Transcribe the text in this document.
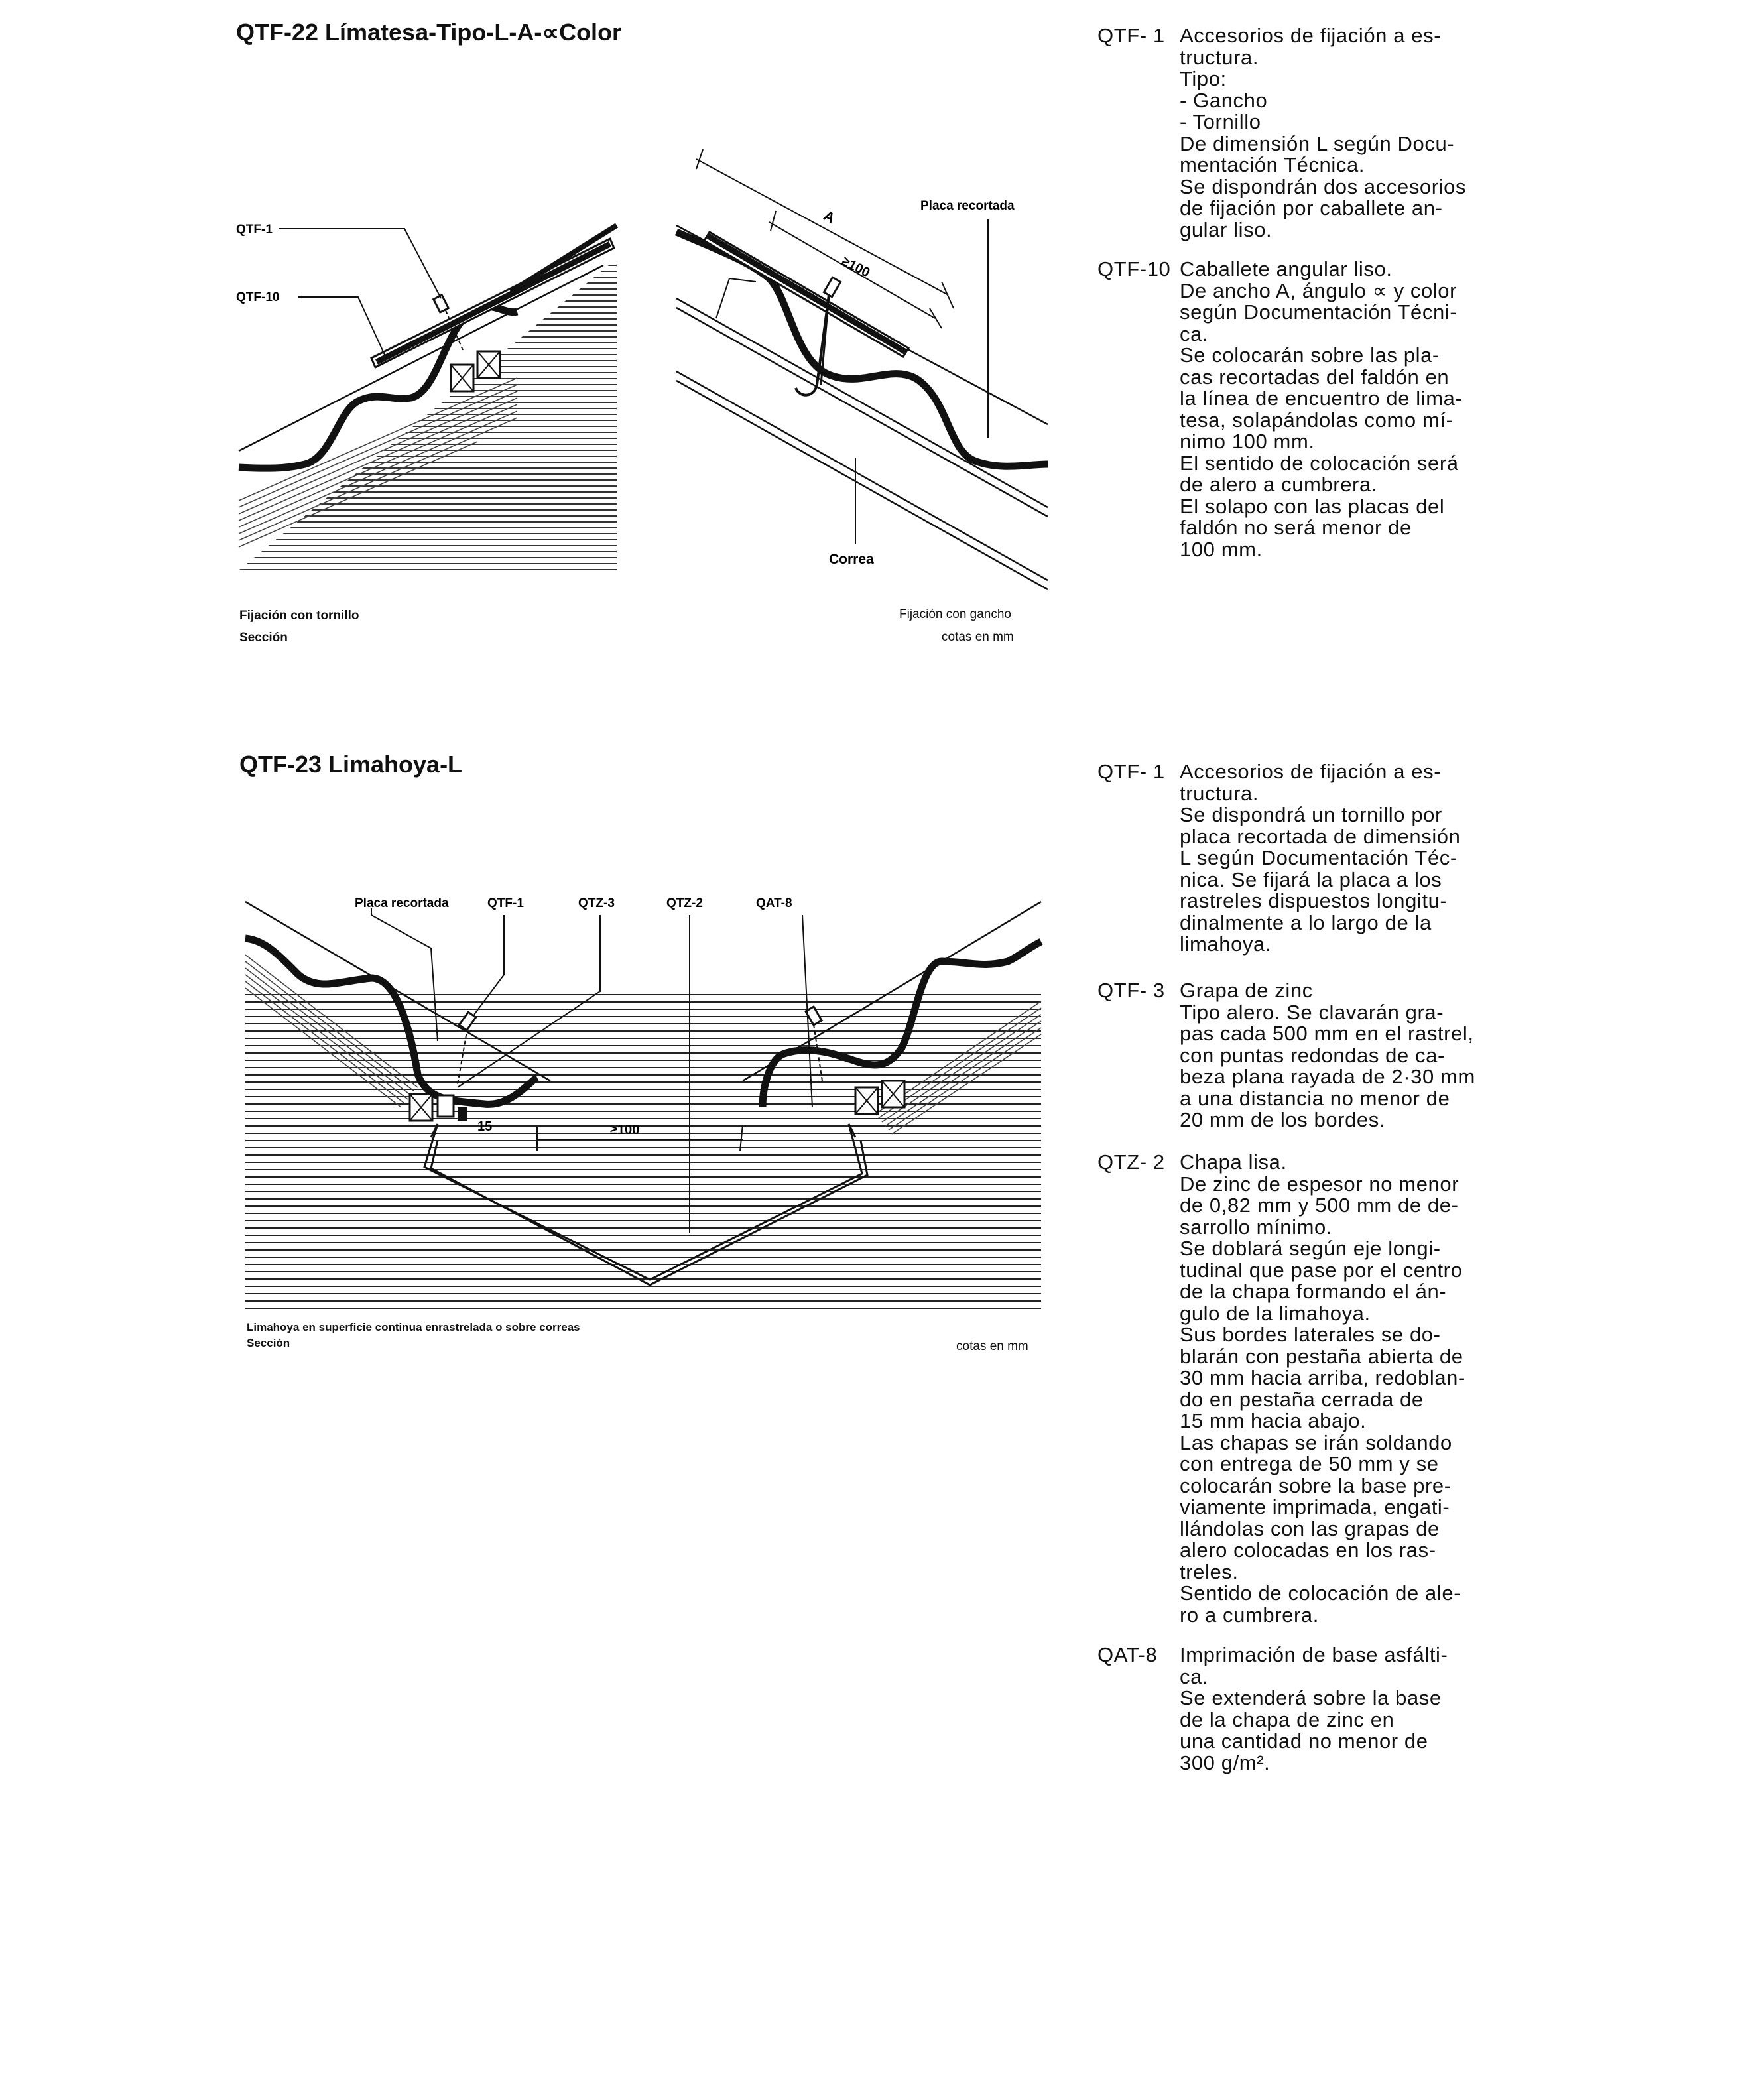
QTF-22 Límatesa-Tipo-L-A-∝Color
QTF-1
QTF-10
Fijación con tornillo
Sección
A
≥100
Placa recortada
Correa
Fijación con gancho
cotas en mm
QTF- 1 Accesorios de fijación a es-
tructura.
Tipo:
- Gancho
- Tornillo
De dimensión L según Docu-
mentación Técnica.
Se dispondrán dos accesorios
de fijación por caballete an-
gular liso.
QTF-10 Caballete angular liso.
De ancho A, ángulo ∝ y color
según Documentación Técni-
ca.
Se colocarán sobre las pla-
cas recortadas del faldón en
la línea de encuentro de lima-
tesa, solapándolas como mí-
nimo 100 mm.
El sentido de colocación será
de alero a cumbrera.
El solapo con las placas del
faldón no será menor de
100 mm.
QTF-23 Limahoya-L
≥100
15
Placa recortada	QTF-1	QTZ-3	QTZ-2	QAT-8
Limahoya en superficie continua enrastrelada o sobre correas
Sección	cotas en mm
QTF- 1 Accesorios de fijación a es-
tructura.
Se dispondrá un tornillo por
placa recortada de dimensión
L según Documentación Téc-
nica. Se fijará la placa a los
rastreles dispuestos longitu-
dinalmente a lo largo de la
limahoya.
QTF- 3 Grapa de zinc
Tipo alero. Se clavarán gra-
pas cada 500 mm en el rastrel,
con puntas redondas de ca-
beza plana rayada de 2·30 mm
a una distancia no menor de
20 mm de los bordes.
QTZ- 2 Chapa lisa.
De zinc de espesor no menor
de 0,82 mm y 500 mm de de-
sarrollo mínimo.
Se doblará según eje longi-
tudinal que pase por el centro
de la chapa formando el án-
gulo de la limahoya.
Sus bordes laterales se do-
blarán con pestaña abierta de
30 mm hacia arriba, redoblan-
do en pestaña cerrada de
15 mm hacia abajo.
Las chapas se irán soldando
con entrega de 50 mm y se
colocarán sobre la base pre-
viamente imprimada, engati-
llándolas con las grapas de
alero colocadas en los ras-
treles.
Sentido de colocación de ale-
ro a cumbrera.
QAT-8 Imprimación de base asfálti-
ca.
Se extenderá sobre la base
de la chapa de zinc en
una cantidad no menor de
300 g/m².
